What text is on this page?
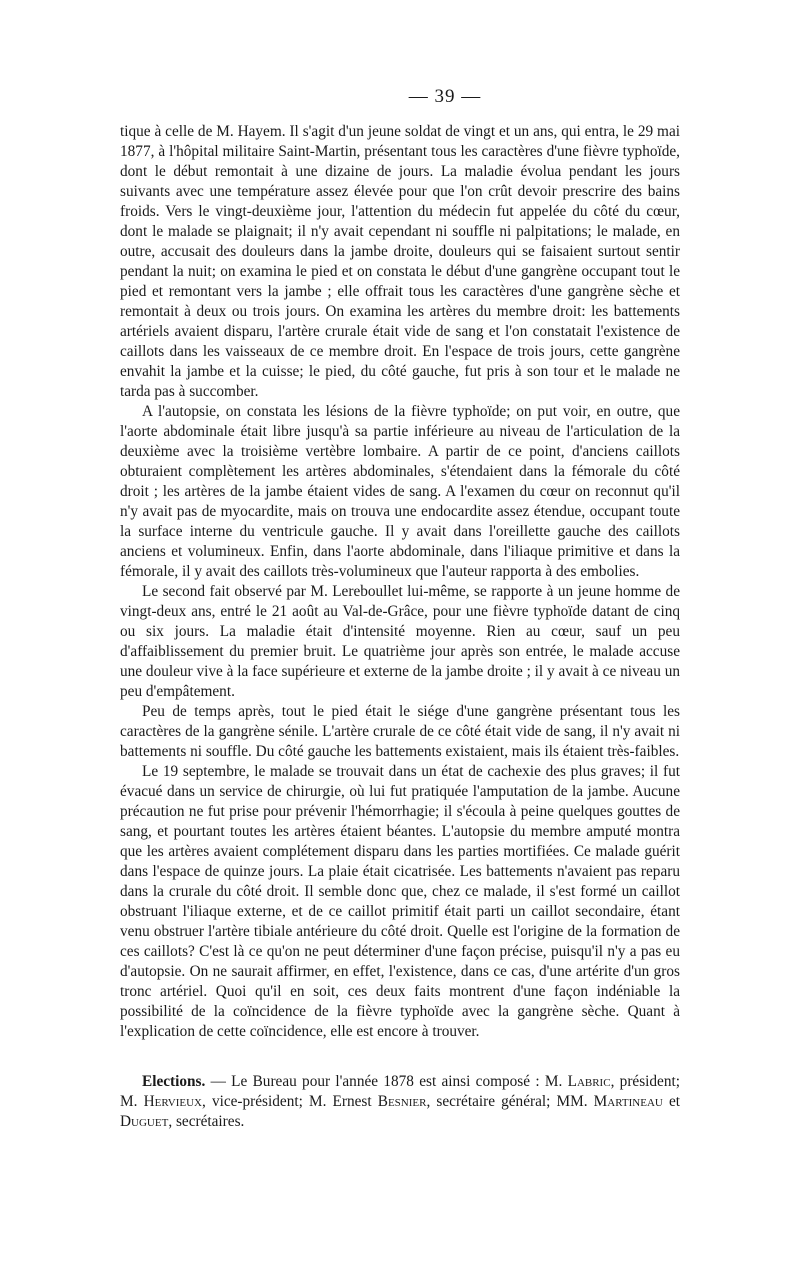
— 39 —

tique à celle de M. Hayem. Il s'agit d'un jeune soldat de vingt et un ans, qui entra, le 29 mai 1877, à l'hôpital militaire Saint-Martin, présentant tous les caractères d'une fièvre typhoïde, dont le début remontait à une dizaine de jours. La maladie évolua pendant les jours suivants avec une température assez élevée pour que l'on crût devoir prescrire des bains froids. Vers le vingt-deuxième jour, l'attention du médecin fut appelée du côté du cœur, dont le malade se plaignait; il n'y avait cependant ni souffle ni palpitations; le malade, en outre, accusait des douleurs dans la jambe droite, douleurs qui se faisaient surtout sentir pendant la nuit; on examina le pied et on constata le début d'une gangrène occupant tout le pied et remontant vers la jambe ; elle offrait tous les caractères d'une gangrène sèche et remontait à deux ou trois jours. On examina les artères du membre droit: les battements artériels avaient disparu, l'artère crurale était vide de sang et l'on constatait l'existence de caillots dans les vaisseaux de ce membre droit. En l'espace de trois jours, cette gangrène envahit la jambe et la cuisse; le pied, du côté gauche, fut pris à son tour et le malade ne tarda pas à succomber.

A l'autopsie, on constata les lésions de la fièvre typhoïde; on put voir, en outre, que l'aorte abdominale était libre jusqu'à sa partie inférieure au niveau de l'articulation de la deuxième avec la troisième vertèbre lombaire. A partir de ce point, d'anciens caillots obturaient complètement les artères abdominales, s'étendaient dans la fémorale du côté droit ; les artères de la jambe étaient vides de sang. A l'examen du cœur on reconnut qu'il n'y avait pas de myocardite, mais on trouva une endocardite assez étendue, occupant toute la surface interne du ventricule gauche. Il y avait dans l'oreillette gauche des caillots anciens et volumineux. Enfin, dans l'aorte abdominale, dans l'iliaque primitive et dans la fémorale, il y avait des caillots très-volumineux que l'auteur rapporta à des embolies.

Le second fait observé par M. Lereboullet lui-même, se rapporte à un jeune homme de vingt-deux ans, entré le 21 août au Val-de-Grâce, pour une fièvre typhoïde datant de cinq ou six jours. La maladie était d'intensité moyenne. Rien au cœur, sauf un peu d'affaiblissement du premier bruit. Le quatrième jour après son entrée, le malade accuse une douleur vive à la face supérieure et externe de la jambe droite ; il y avait à ce niveau un peu d'empâtement.

Peu de temps après, tout le pied était le siége d'une gangrène présentant tous les caractères de la gangrène sénile. L'artère crurale de ce côté était vide de sang, il n'y avait ni battements ni souffle. Du côté gauche les battements existaient, mais ils étaient très-faibles.

Le 19 septembre, le malade se trouvait dans un état de cachexie des plus graves; il fut évacué dans un service de chirurgie, où lui fut pratiquée l'amputation de la jambe. Aucune précaution ne fut prise pour prévenir l'hémorrhagie; il s'écoula à peine quelques gouttes de sang, et pourtant toutes les artères étaient béantes. L'autopsie du membre amputé montra que les artères avaient complétement disparu dans les parties mortifiées. Ce malade guérit dans l'espace de quinze jours. La plaie était cicatrisée. Les battements n'avaient pas reparu dans la crurale du côté droit. Il semble donc que, chez ce malade, il s'est formé un caillot obstruant l'iliaque externe, et de ce caillot primitif était parti un caillot secondaire, étant venu obstruer l'artère tibiale antérieure du côté droit. Quelle est l'origine de la formation de ces caillots? C'est là ce qu'on ne peut déterminer d'une façon précise, puisqu'il n'y a pas eu d'autopsie. On ne saurait affirmer, en effet, l'existence, dans ce cas, d'une artérite d'un gros tronc artériel. Quoi qu'il en soit, ces deux faits montrent d'une façon indéniable la possibilité de la coïncidence de la fièvre typhoïde avec la gangrène sèche. Quant à l'explication de cette coïncidence, elle est encore à trouver.

Elections. — Le Bureau pour l'année 1878 est ainsi composé : M. Labric, président; M. Hervieux, vice-président; M. Ernest Besnier, secrétaire général; MM. Martineau et Duguet, secrétaires.
